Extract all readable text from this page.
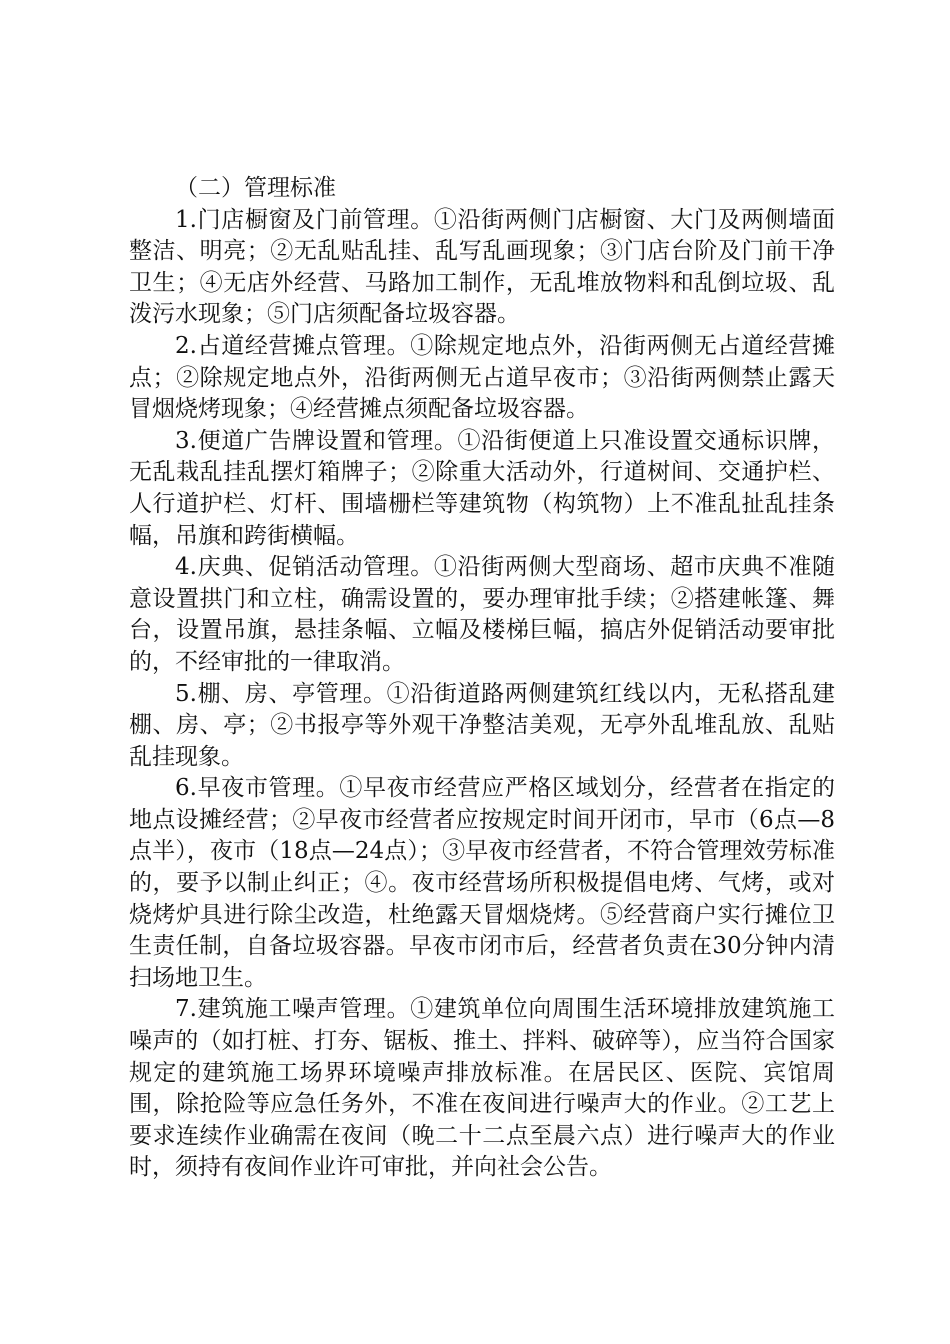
（二）管理标准

1.门店橱窗及门前管理。①沿街两侧门店橱窗、大门及两侧墙面整洁、明亮；②无乱贴乱挂、乱写乱画现象；③门店台阶及门前干净卫生；④无店外经营、马路加工制作，无乱堆放物料和乱倒垃圾、乱泼污水现象；⑤门店须配备垃圾容器。

2.占道经营摊点管理。①除规定地点外，沿街两侧无占道经营摊点；②除规定地点外，沿街两侧无占道早夜市；③沿街两侧禁止露天冒烟烧烤现象；④经营摊点须配备垃圾容器。

3.便道广告牌设置和管理。①沿街便道上只准设置交通标识牌，无乱栽乱挂乱摆灯箱牌子；②除重大活动外，行道树间、交通护栏、人行道护栏、灯杆、围墙栅栏等建筑物（构筑物）上不准乱扯乱挂条幅，吊旗和跨街横幅。

4.庆典、促销活动管理。①沿街两侧大型商场、超市庆典不准随意设置拱门和立柱，确需设置的，要办理审批手续；②搭建帐篷、舞台，设置吊旗，悬挂条幅、立幅及楼梯巨幅，搞店外促销活动要审批的，不经审批的一律取消。

5.棚、房、亭管理。①沿街道路两侧建筑红线以内，无私搭乱建棚、房、亭；②书报亭等外观干净整洁美观，无亭外乱堆乱放、乱贴乱挂现象。

6.早夜市管理。①早夜市经营应严格区域划分，经营者在指定的地点设摊经营；②早夜市经营者应按规定时间开闭市，早市（6点—8点半），夜市（18点—24点）；③早夜市经营者，不符合管理效劳标准的，要予以制止纠正；④。夜市经营场所积极提倡电烤、气烤，或对烧烤炉具进行除尘改造，杜绝露天冒烟烧烤。⑤经营商户实行摊位卫生责任制，自备垃圾容器。早夜市闭市后，经营者负责在30分钟内清扫场地卫生。

7.建筑施工噪声管理。①建筑单位向周围生活环境排放建筑施工噪声的（如打桩、打夯、锯板、推土、拌料、破碎等），应当符合国家规定的建筑施工场界环境噪声排放标准。在居民区、医院、宾馆周围，除抢险等应急任务外，不准在夜间进行噪声大的作业。②工艺上要求连续作业确需在夜间（晚二十二点至晨六点）进行噪声大的作业时，须持有夜间作业许可审批，并向社会公告。
